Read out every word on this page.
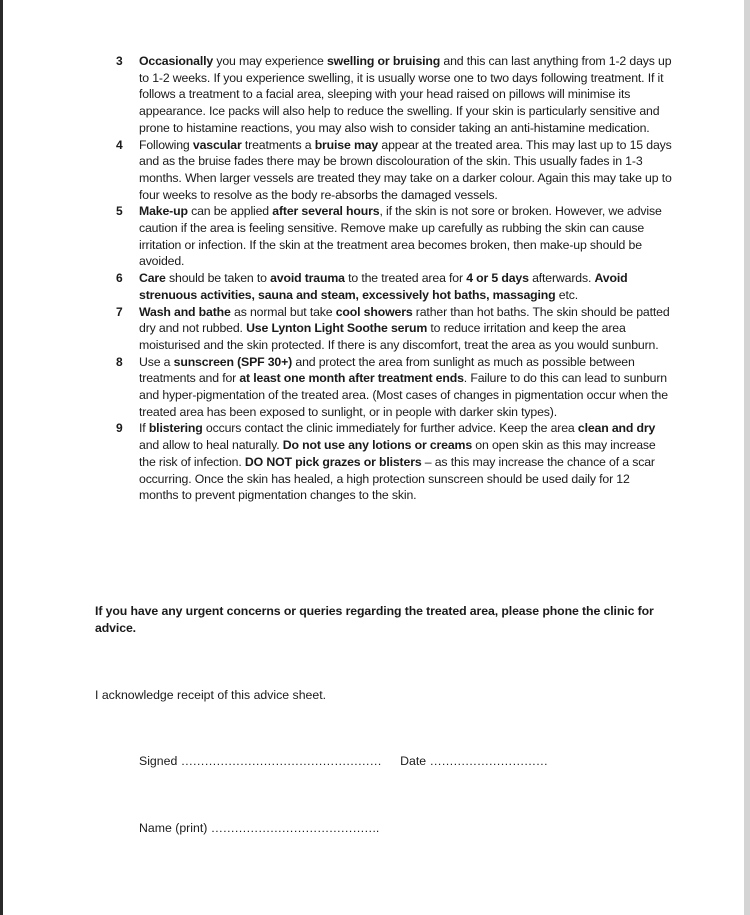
3	Occasionally you may experience swelling or bruising and this can last anything from 1-2 days up to 1-2 weeks. If you experience swelling, it is usually worse one to two days following treatment. If it follows a treatment to a facial area, sleeping with your head raised on pillows will minimise its appearance. Ice packs will also help to reduce the swelling. If your skin is particularly sensitive and prone to histamine reactions, you may also wish to consider taking an anti-histamine medication.
4	Following vascular treatments a bruise may appear at the treated area. This may last up to 15 days and as the bruise fades there may be brown discolouration of the skin. This usually fades in 1-3 months. When larger vessels are treated they may take on a darker colour. Again this may take up to four weeks to resolve as the body re-absorbs the damaged vessels.
5	Make-up can be applied after several hours, if the skin is not sore or broken. However, we advise caution if the area is feeling sensitive. Remove make up carefully as rubbing the skin can cause irritation or infection. If the skin at the treatment area becomes broken, then make-up should be avoided.
6	Care should be taken to avoid trauma to the treated area for 4 or 5 days afterwards. Avoid strenuous activities, sauna and steam, excessively hot baths, massaging etc.
7	Wash and bathe as normal but take cool showers rather than hot baths. The skin should be patted dry and not rubbed. Use Lynton Light Soothe serum to reduce irritation and keep the area moisturised and the skin protected. If there is any discomfort, treat the area as you would sunburn.
8	Use a sunscreen (SPF 30+) and protect the area from sunlight as much as possible between treatments and for at least one month after treatment ends. Failure to do this can lead to sunburn and hyper-pigmentation of the treated area. (Most cases of changes in pigmentation occur when the treated area has been exposed to sunlight, or in people with darker skin types).
9	If blistering occurs contact the clinic immediately for further advice. Keep the area clean and dry and allow to heal naturally. Do not use any lotions or creams on open skin as this may increase the risk of infection. DO NOT pick grazes or blisters – as this may increase the chance of a scar occurring. Once the skin has healed, a high protection sunscreen should be used daily for 12 months to prevent pigmentation changes to the skin.
If you have any urgent concerns or queries regarding the treated area, please phone the clinic for advice.
I acknowledge receipt of this advice sheet.
Signed …………………………………………… Date …………………………
Name (print) …………………………………….
